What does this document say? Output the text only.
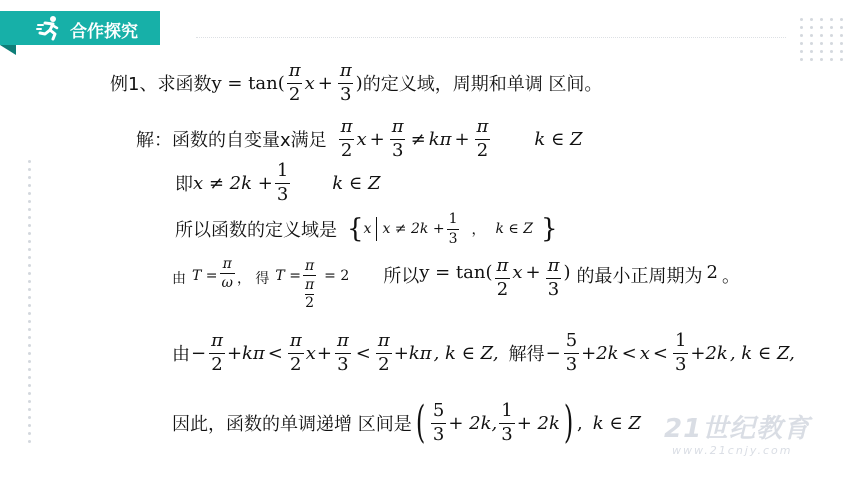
合作探究
例1、求函数 $y = \tan( \frac{\pi}{2}$ $x + \frac{\pi}{3}$ ) 的定义域，周期和单调 区间。
解：函数的自变量x满足 $\frac{\pi}{2}$ $x + \frac{\pi}{3} \ne k\pi + \frac{\pi}{2}$ k ∈ Z
即 $x \ne 2k + \frac{1}{3}$ k ∈ Z
所以函数的定义域是 { x $x \ne 2k + \frac{1}{3}$ ， k ∈ Z }
由 $T = \frac{\pi}{\omega}$ ， 得 T = π
π
2 = 2 所以 $y = \tan( \frac{\pi}{2}$ $x + \frac{\pi}{3}$ ) 的最小正周期为 2 。
由 − $\frac{\pi}{2} +k\pi < \frac{\pi}{2}$ $x + \frac{\pi}{3} < \frac{\pi}{2} +k\pi$ , k ∈ Z, 解得 − $\frac{5}{3} +2k < x < \frac{1}{3} +2k$ , k ∈ Z,
因此，函数的单调递增 区间是 ( $\frac{5}{3} + 2k$, $\frac{1}{3} + 2k$ ) , k ∈ Z 21世纪教育
www.21cnjy.com
